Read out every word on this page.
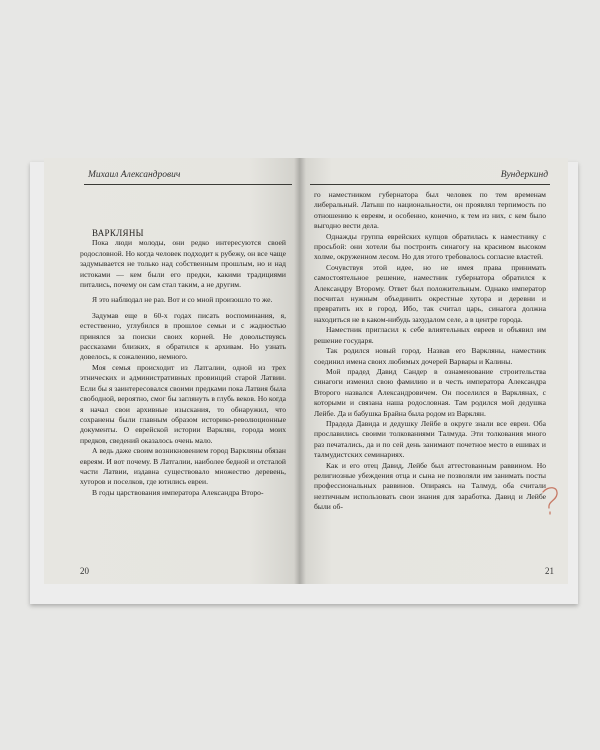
Михаил Александрович

ВАРКЛЯНЫ

Пока люди молоды, они редко интересуются своей родословной. Но когда человек подходит к рубежу, он все чаще задумывается не только над собственным прошлым, но и над истоками — кем были его предки, какими традициями питались, почему он сам стал таким, а не другим.

Я это наблюдал не раз. Вот и со мной произошло то же.

Задумав еще в 60-х годах писать воспоминания, я, естественно, углубился в прошлое семьи и с жадностью принялся за поиски своих корней. Не довольствуясь рассказами близких, я обратился к архивам. Но узнать довелось, к сожалению, немного.

Моя семья происходит из Латгалии, одной из трех этнических и административных провинций старой Латвии. Если бы я заинтересовался своими предками пока Латвия была свободной, вероятно, смог бы заглянуть в глубь веков. Но когда я начал свои архивные изыскания, то обнаружил, что сохранены были главным образом историко-революционные документы. О еврейской истории Варклян, города моих предков, сведений оказалось очень мало.

А ведь даже своим возникновением город Варкляны обязан евреям. И вот почему. В Латгалии, наиболее бедной и отсталой части Латвии, издавна существовало множество деревень, хуторов и поселков, где ютились евреи.

В годы царствования императора Александра Второ-

20
Вундеркинд

го наместником губернатора был человек по тем временам либеральный. Латыш по национальности, он проявлял терпимость по отношению к евреям, и особенно, конечно, к тем из них, с кем было выгодно вести дела.

Однажды группа еврейских купцов обратилась к наместнику с просьбой: они хотели бы построить синагогу на красивом высоком холме, окруженном лесом. Но для этого требовалось согласие властей.

Сочувствуя этой идее, но не имея права принимать самостоятельное решение, наместник губернатора обратился к Александру Второму. Ответ был положительным. Однако император посчитал нужным объединить окрестные хутора и деревни и превратить их в город. Ибо, так считал царь, синагога должна находиться не в каком-нибудь захудалом селе, а в центре города.

Наместник пригласил к себе влиятельных евреев и объявил им решение государя.

Так родился новый город. Назвав его Варкляны, наместник соединил имена своих любимых дочерей Варвары и Калины.

Мой прадед Давид Сандер в ознаменование строительства синагоги изменил свою фамилию и в честь императора Александра Второго назвался Александровичем. Он поселился в Варклянах, с которыми и связана наша родословная. Там родился мой дедушка Лейбе. Да и бабушка Брайна была родом из Варклян.

Прадеда Давида и дедушку Лейбе в округе знали все евреи. Оба прославились своими толкованиями Талмуда. Эти толкования много раз печатались, да и по сей день занимают почетное место в ешивах и талмудистских семинариях.

Как и его отец Давид, Лейбе был аттестованным раввином. Но религиозные убеждения отца и сына не позволяли им занимать посты профессиональных раввинов. Опираясь на Талмуд, оба считали незтичным использовать свои знания для заработка. Давид и Лейбе были об-

21
